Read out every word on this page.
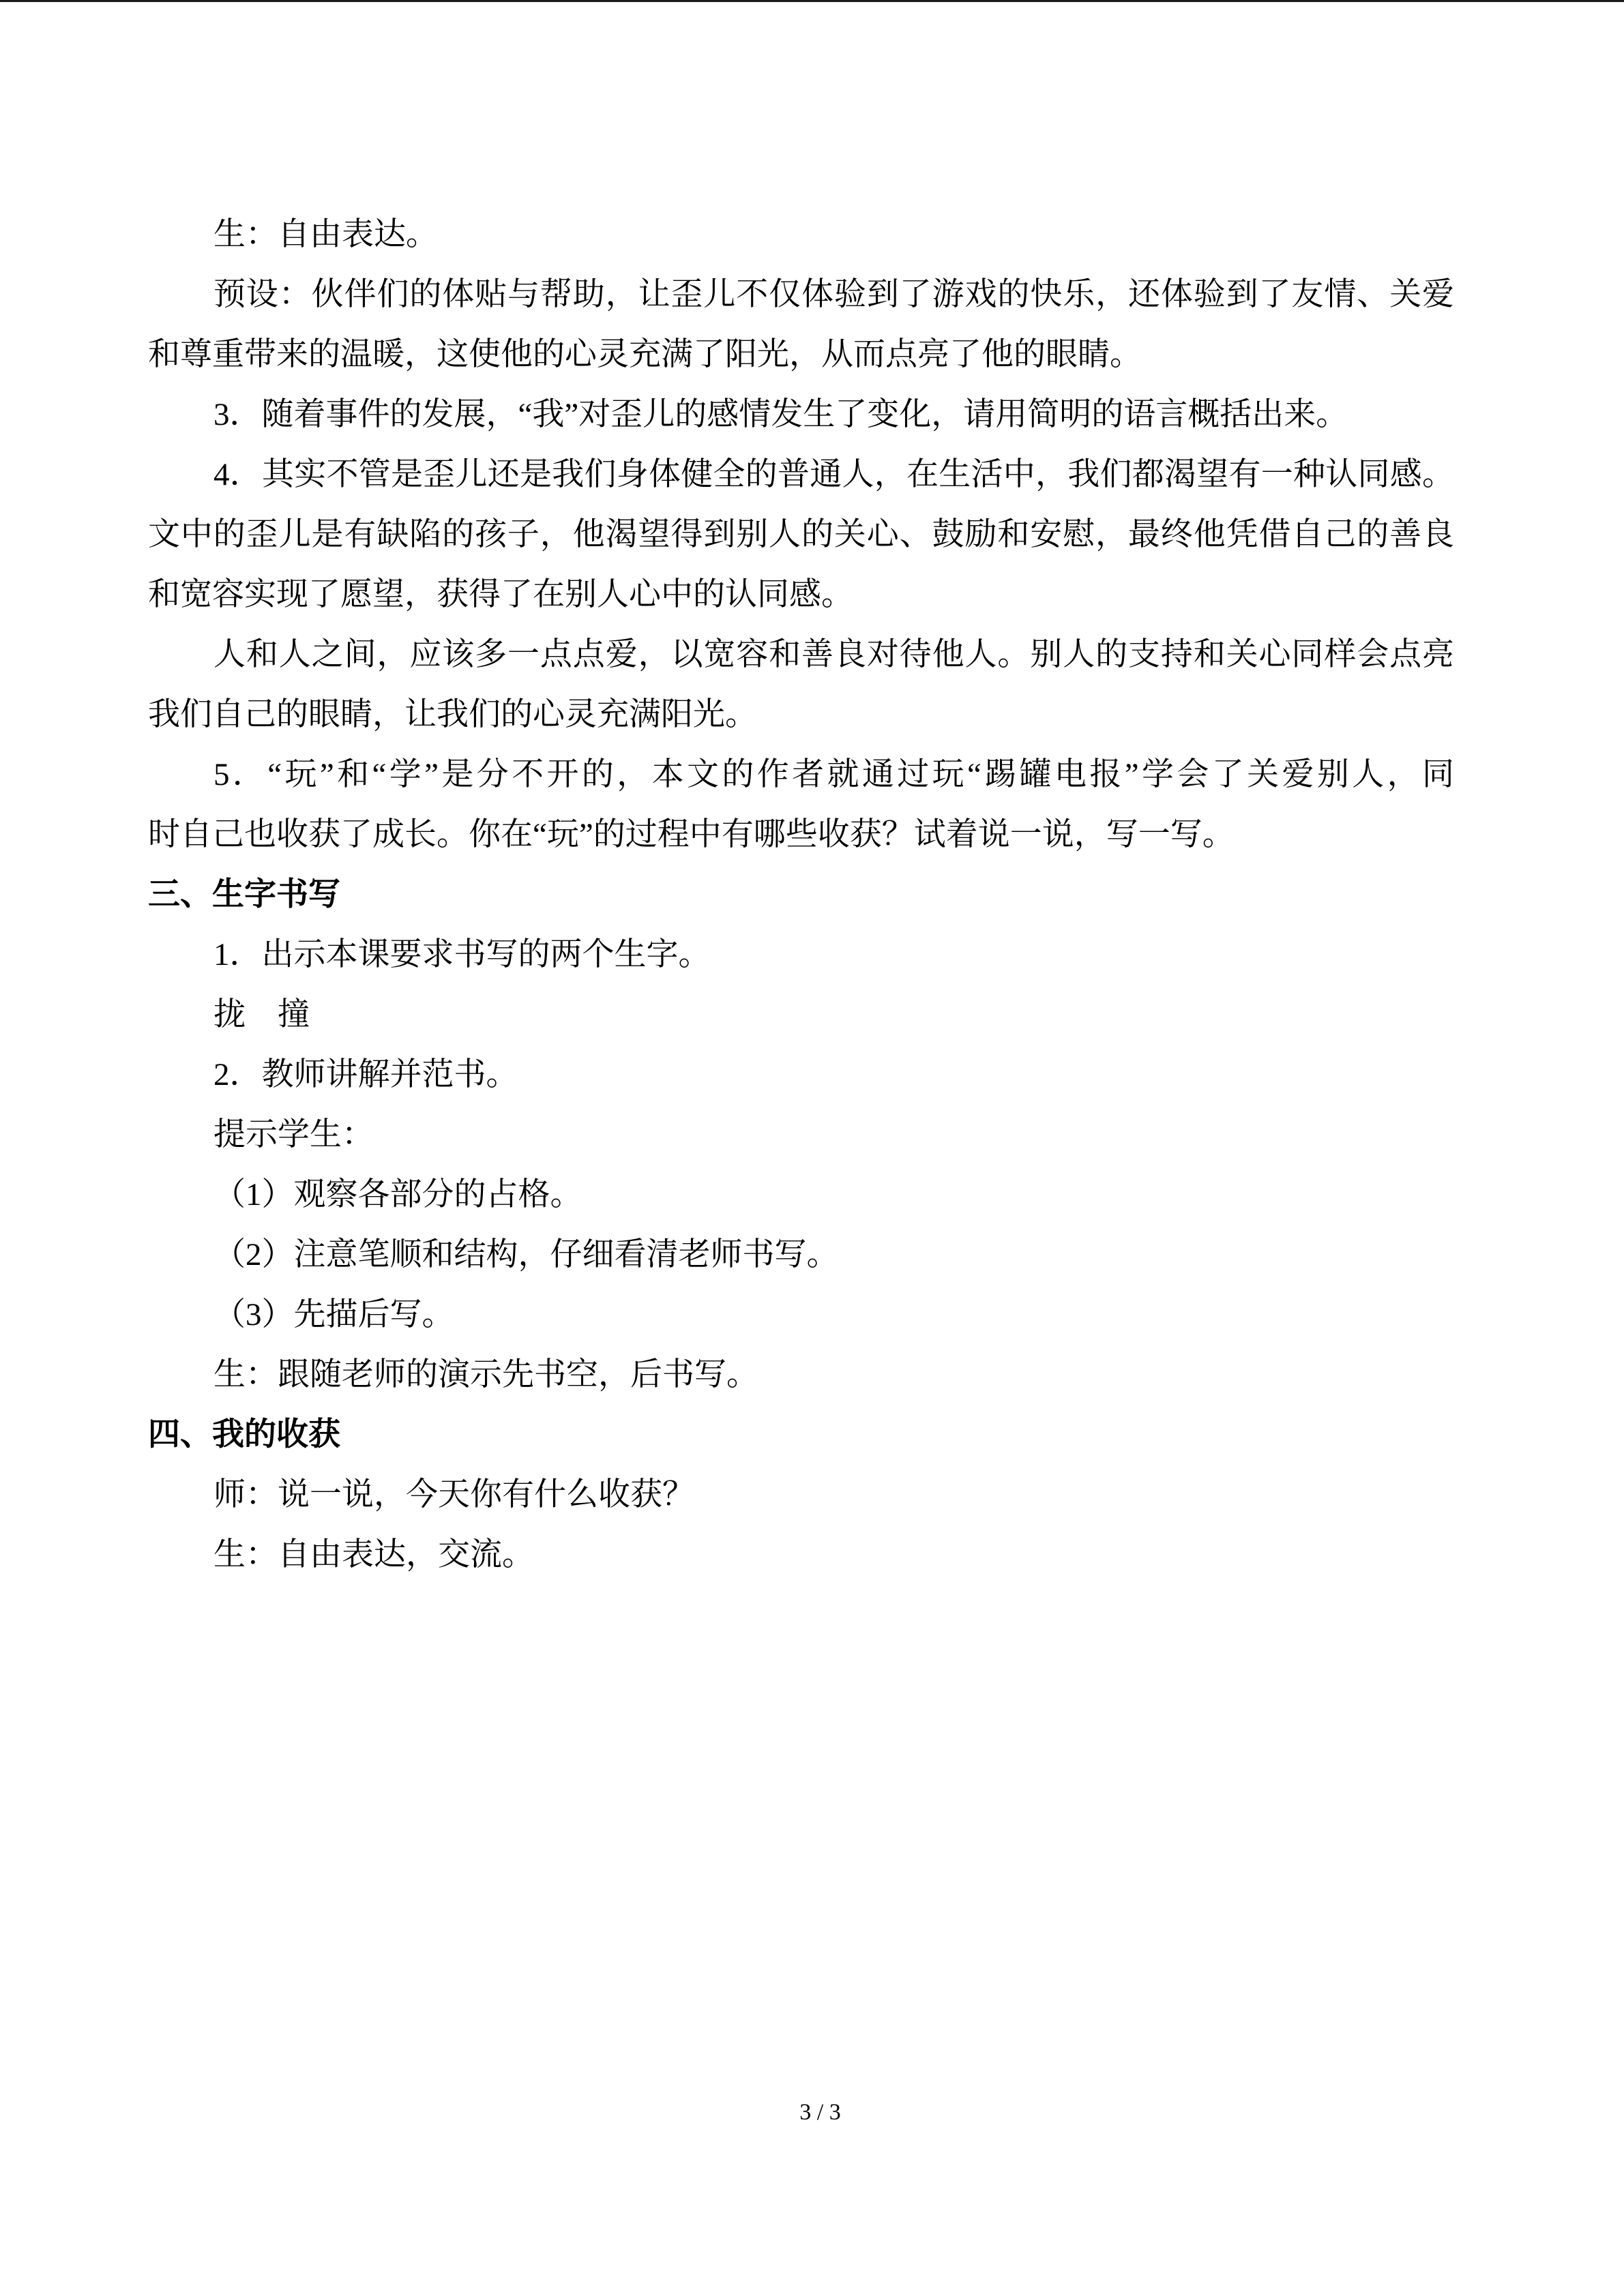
生：自由表达。
预设：伙伴们的体贴与帮助，让歪儿不仅体验到了游戏的快乐，还体验到了友情、关爱
和尊重带来的温暖，这使他的心灵充满了阳光，从而点亮了他的眼睛。
3．随着事件的发展，“我”对歪儿的感情发生了变化，请用简明的语言概括出来。
4．其实不管是歪儿还是我们身体健全的普通人，在生活中，我们都渴望有一种认同感。
文中的歪儿是有缺陷的孩子，他渴望得到别人的关心、鼓励和安慰，最终他凭借自己的善良
和宽容实现了愿望，获得了在别人心中的认同感。
人和人之间，应该多一点点爱，以宽容和善良对待他人。别人的支持和关心同样会点亮
我们自己的眼睛，让我们的心灵充满阳光。
5．“玩”和“学”是分不开的，本文的作者就通过玩“踢罐电报”学会了关爱别人，同
时自己也收获了成长。你在“玩”的过程中有哪些收获？试着说一说，写一写。
三、生字书写
1．出示本课要求书写的两个生字。
拢　撞
2．教师讲解并范书。
提示学生：
（1）观察各部分的占格。
（2）注意笔顺和结构，仔细看清老师书写。
（3）先描后写。
生：跟随老师的演示先书空，后书写。
四、我的收获
师：说一说，今天你有什么收获？
生：自由表达，交流。
3 / 3
